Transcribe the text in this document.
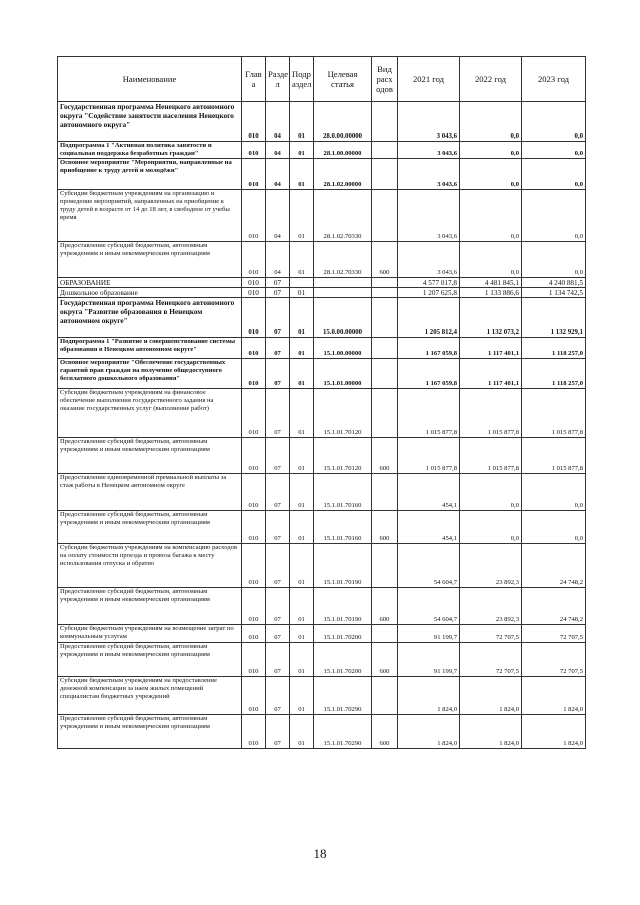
Наименование	Глав а	Разде л	Подр аздел	Целевая статья	Вид расх одов	2021 год	2022 год	2023 год
Государственная программа Ненецкого автономного округа "Содействие занятости населения Ненецкого автономного округа"	010	04	01	28.0.00.00000		3 043,6	0,0	0,0
Подпрограмма 1 "Активная политика занятости и социальная поддержка безработных граждан"	010	04	01	28.1.00.00000		3 043,6	0,0	0,0
Основное мероприятие "Мероприятия, направленные на приобщение к труду детей и молодёжи"	010	04	01	28.1.02.00000		3 043,6	0,0	0,0
Субсидии бюджетным учреждениям на организацию и проведение мероприятий, направленных на приобщение к труду детей в возрасте от 14 до 18 лет, в свободное от учебы время	010	04	01	28.1.02.70330		3 043,6	0,0	0,0
Предоставление субсидий бюджетным, автономным учреждениям и иным некоммерческим организациям	010	04	01	28.1.02.70330	600	3 043,6	0,0	0,0
ОБРАЗОВАНИЕ	010	07				4 577 017,8	4 481 845,1	4 240 881,5
Дошкольное образование	010	07	01			1 207 625,8	1 133 886,6	1 134 742,5
Государственная программа Ненецкого автономного округа "Развитие образования в Ненецком автономном округе"	010	07	01	15.0.00.00000		1 205 812,4	1 132 073,2	1 132 929,1
Подпрограмма 1 "Развитие и совершенствование системы образования в Ненецком автономном округе"	010	07	01	15.1.00.00000		1 167 059,8	1 117 401,1	1 118 257,0
Основное мероприятие "Обеспечение государственных гарантий прав граждан на получение общедоступного бесплатного дошкольного образования"	010	07	01	15.1.01.00000		1 167 059,8	1 117 401,1	1 118 257,0
Субсидии бюджетным учреждениям на финансовое обеспечение выполнения государственного задания на оказание государственных услуг (выполнение работ)	010	07	01	15.1.01.70120		1 015 877,8	1 015 877,8	1 015 877,8
Предоставление субсидий бюджетным, автономным учреждениям и иным некоммерческим организациям	010	07	01	15.1.01.70120	600	1 015 877,8	1 015 877,8	1 015 877,8
Предоставление единовременной премиальной выплаты за стаж работы в Ненецком автономном округе	010	07	01	15.1.01.70160		454,1	0,0	0,0
Предоставление субсидий бюджетным, автономным учреждениям и иным некоммерческим организациям	010	07	01	15.1.01.70160	600	454,1	0,0	0,0
Субсидии бюджетным учреждениям на компенсацию расходов на оплату стоимости проезда и провоза багажа к месту использования отпуска и обратно	010	07	01	15.1.01.70190		54 604,7	23 892,3	24 748,2
Предоставление субсидий бюджетным, автономным учреждениям и иным некоммерческим организациям	010	07	01	15.1.01.70190	600	54 604,7	23 892,3	24 748,2
Субсидии бюджетным учреждениям на возмещение затрат по коммунальным услугам	010	07	01	15.1.01.70200		91 199,7	72 707,5	72 707,5
Предоставление субсидий бюджетным, автономным учреждениям и иным некоммерческим организациям	010	07	01	15.1.01.70200	600	91 199,7	72 707,5	72 707,5
Субсидии бюджетным учреждениям на предоставление денежной компенсации за наем жилых помещений специалистам бюджетных учреждений	010	07	01	15.1.01.70290		1 824,0	1 824,0	1 824,0
Предоставление субсидий бюджетным, автономным учреждениям и иным некоммерческим организациям	010	07	01	15.1.01.70290	600	1 824,0	1 824,0	1 824,0
18
